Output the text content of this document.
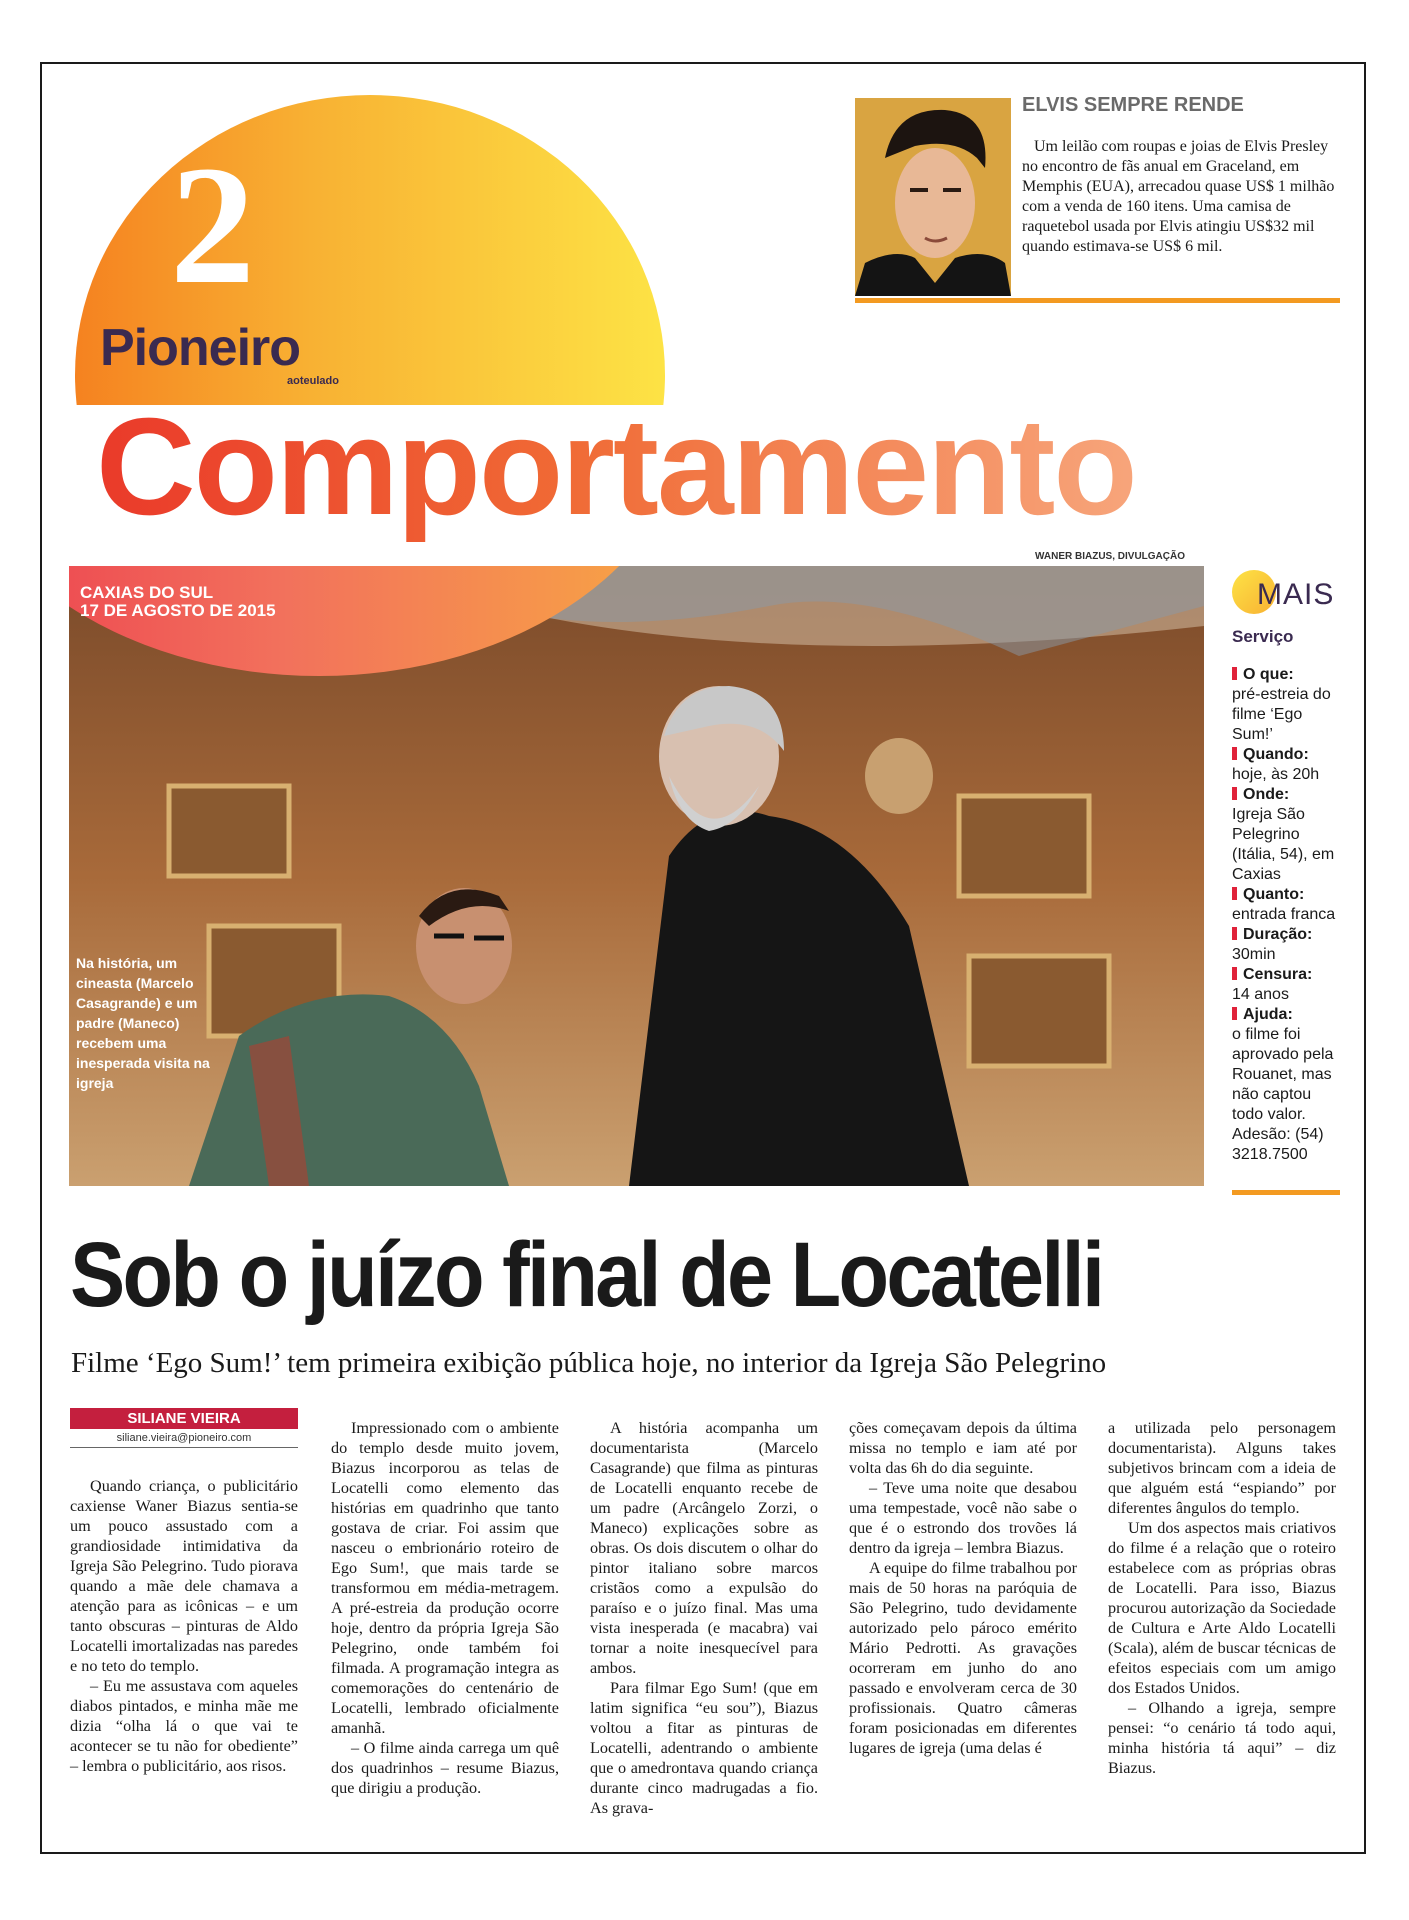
2
Pioneiro
aoteulado
Comportamento
ELVIS SEMPRE RENDE

Um leilão com roupas e joias de Elvis Presley no encontro de fãs anual em Graceland, em Memphis (EUA), arrecadou quase US$ 1 milhão com a venda de 160 itens. Uma camisa de raquetebol usada por Elvis atingiu US$32 mil quando estimava-se US$ 6 mil.

WANER BIAZUS, DIVULGAÇÃO
CAXIAS DO SUL
17 DE AGOSTO DE 2015
Na história, um cineasta (Marcelo Casagrande) e um padre (Maneco) recebem uma inesperada visita na igreja
MAIS
Serviço

O que:
pré-estreia do filme ‘Ego Sum!’

Quando:
hoje, às 20h

Onde:
Igreja São Pelegrino (Itália, 54), em Caxias

Quanto:
entrada franca

Duração:
30min

Censura:
14 anos

Ajuda:
o filme foi aprovado pela Rouanet, mas não captou todo valor. Adesão: (54) 3218.7500

Sob o juízo final de Locatelli

Filme ‘Ego Sum!’ tem primeira exibição pública hoje, no interior da Igreja São Pelegrino

SILIANE VIEIRA
siliane.vieira@pioneiro.com

Quando criança, o publicitário caxiense Waner Biazus sentia-se um pouco assustado com a grandiosidade intimidativa da Igreja São Pelegrino. Tudo piorava quando a mãe dele chamava a atenção para as icônicas – e um tanto obscuras – pinturas de Aldo Locatelli imortalizadas nas paredes e no teto do templo.

– Eu me assustava com aqueles diabos pintados, e minha mãe me dizia “olha lá o que vai te acontecer se tu não for obediente” – lembra o publicitário, aos risos.

Impressionado com o ambiente do templo desde muito jovem, Biazus incorporou as telas de Locatelli como elemento das histórias em quadrinho que tanto gostava de criar. Foi assim que nasceu o embrionário roteiro de Ego Sum!, que mais tarde se transformou em média-metragem. A pré-estreia da produção ocorre hoje, dentro da própria Igreja São Pelegrino, onde também foi filmada. A programação integra as comemorações do centenário de Locatelli, lembrado oficialmente amanhã.

– O filme ainda carrega um quê dos quadrinhos – resume Biazus, que dirigiu a produção.

A história acompanha um documentarista (Marcelo Casagrande) que filma as pinturas de Locatelli enquanto recebe de um padre (Arcângelo Zorzi, o Maneco) explicações sobre as obras. Os dois discutem o olhar do pintor italiano sobre marcos cristãos como a expulsão do paraíso e o juízo final. Mas uma vista inesperada (e macabra) vai tornar a noite inesquecível para ambos.

Para filmar Ego Sum! (que em latim significa “eu sou”), Biazus voltou a fitar as pinturas de Locatelli, adentrando o ambiente que o amedrontava quando criança durante cinco madrugadas a fio. As grava-

ções começavam depois da última missa no templo e iam até por volta das 6h do dia seguinte.

– Teve uma noite que desabou uma tempestade, você não sabe o que é o estrondo dos trovões lá dentro da igreja – lembra Biazus.

A equipe do filme trabalhou por mais de 50 horas na paróquia de São Pelegrino, tudo devidamente autorizado pelo pároco emérito Mário Pedrotti. As gravações ocorreram em junho do ano passado e envolveram cerca de 30 profissionais. Quatro câmeras foram posicionadas em diferentes lugares de igreja (uma delas é

a utilizada pelo personagem documentarista). Alguns takes subjetivos brincam com a ideia de que alguém está “espiando” por diferentes ângulos do templo.

Um dos aspectos mais criativos do filme é a relação que o roteiro estabelece com as próprias obras de Locatelli. Para isso, Biazus procurou autorização da Sociedade de Cultura e Arte Aldo Locatelli (Scala), além de buscar técnicas de efeitos especiais com um amigo dos Estados Unidos.

– Olhando a igreja, sempre pensei: “o cenário tá todo aqui, minha história tá aqui” – diz Biazus.
